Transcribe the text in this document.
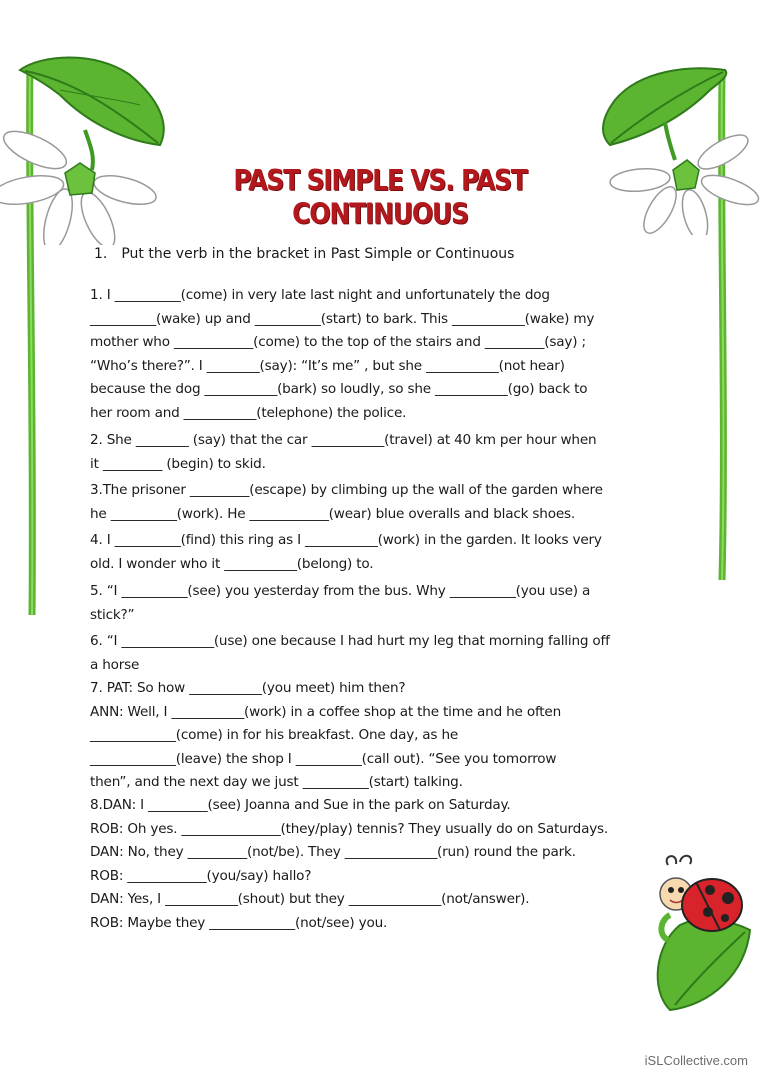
PAST SIMPLE VS. PAST CONTINUOUS
1. Put the verb in the bracket in Past Simple or Continuous
1. I __________(come) in very late last night and unfortunately the dog
__________(wake) up and __________(start) to bark. This ___________(wake) my
mother who ____________(come) to the top of the stairs and _________(say) ;
“Who’s there?”. I ________(say): “It’s me” , but she ___________(not hear)
because the dog ___________(bark) so loudly, so she ___________(go) back to
her room and ___________(telephone) the police.
2. She ________ (say) that the car ___________(travel) at 40 km per hour when
it _________ (begin) to skid.
3.The prisoner _________(escape) by climbing up the wall of the garden where
he __________(work). He ____________(wear) blue overalls and black shoes.
4. I __________(find) this ring as I ___________(work) in the garden. It looks very
old. I wonder who it ___________(belong) to.
5. “I __________(see) you yesterday from the bus. Why __________(you use) a
stick?”
6. “I ______________(use) one because I had hurt my leg that morning falling off
a horse
7. PAT: So how ___________(you meet) him then?
ANN: Well, I ___________(work) in a coffee shop at the time and he often
_____________(come) in for his breakfast. One day, as he
_____________(leave) the shop I __________(call out). “See you tomorrow
then”, and the next day we just __________(start) talking.
8.DAN: I _________(see) Joanna and Sue in the park on Saturday.
ROB: Oh yes. _______________(they/play) tennis? They usually do on Saturdays.
DAN: No, they _________(not/be). They ______________(run) round the park.
ROB: ____________(you/say) hallo?
DAN: Yes, I ___________(shout) but they ______________(not/answer).
ROB: Maybe they _____________(not/see) you.
iSLCollective.com
